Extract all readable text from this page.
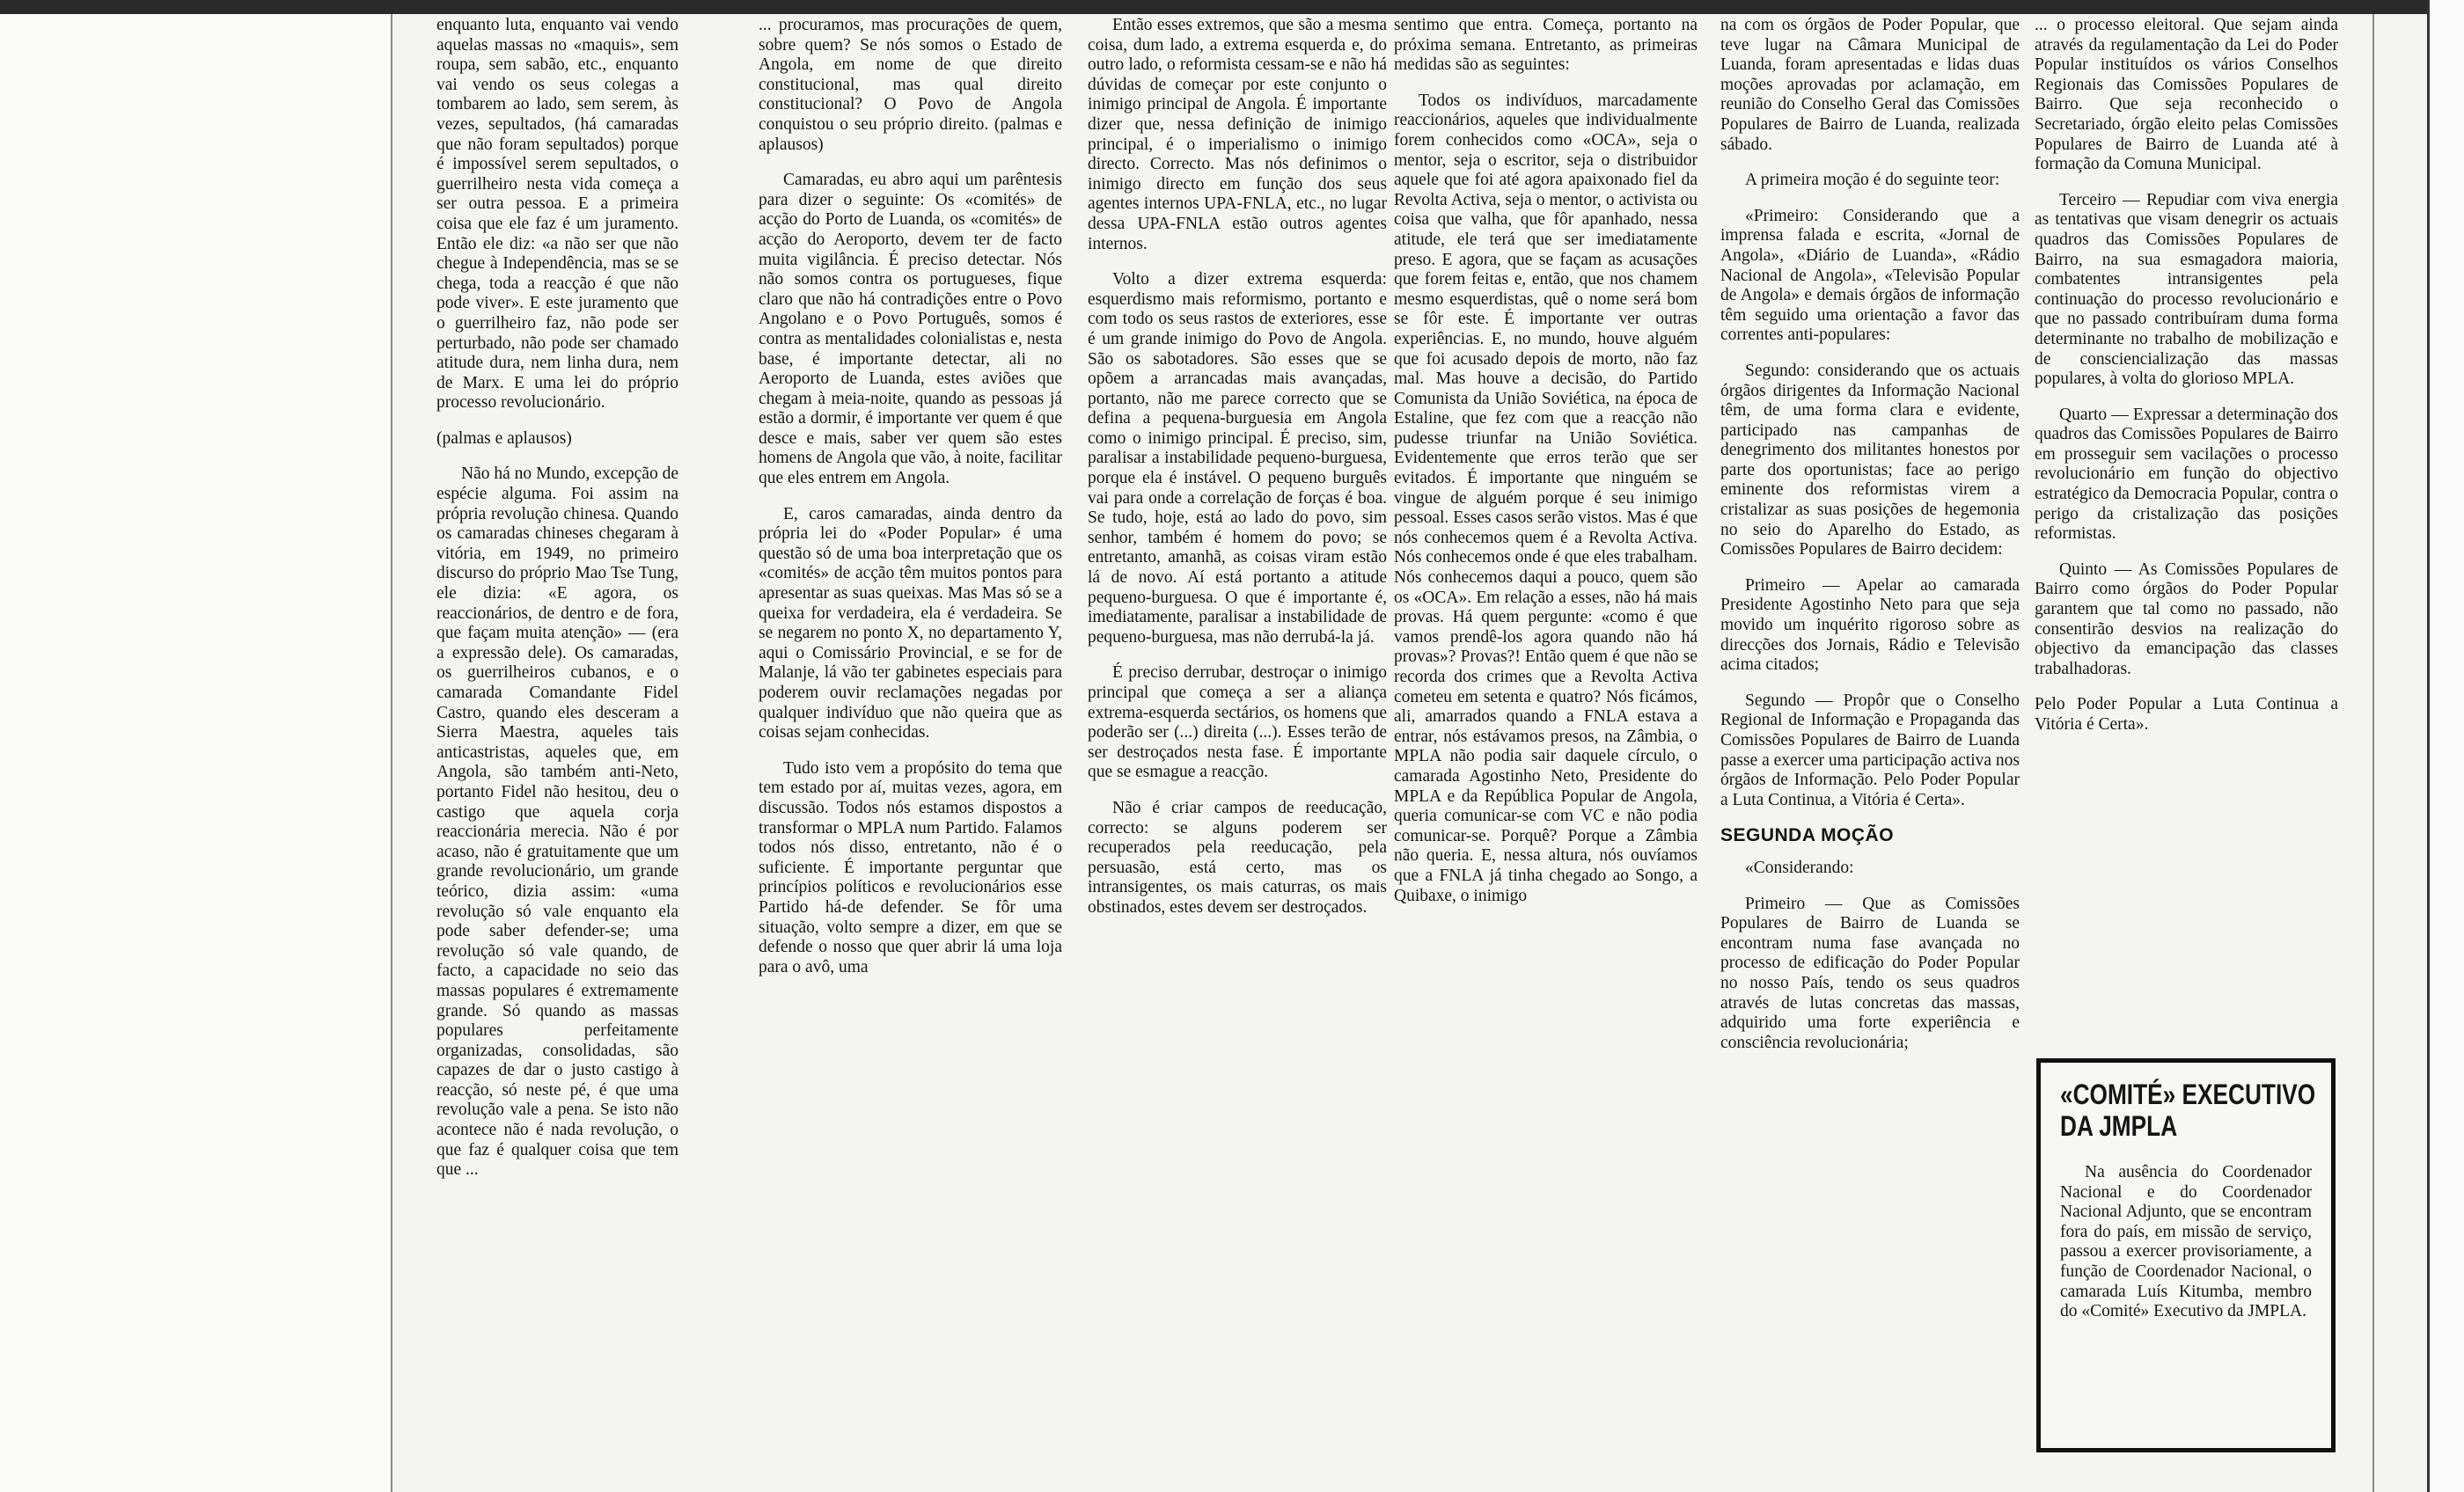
enquanto luta, enquanto vai vendo aquelas massas no «maquis», sem roupa, sem sabão, etc., enquanto vai vendo os seus colegas a tombarem ao lado, sem serem, às vezes, sepultados, (há camaradas que não foram sepultados) porque é impossível serem sepultados, o guerrilheiro nesta vida começa a ser outra pessoa. E a primeira coisa que ele faz é um juramento. Então ele diz: «a não ser que não chegue à Independência, mas se se chega, toda a reacção é que não pode viver». E este juramento que o guerrilheiro faz, não pode ser perturbado, não pode ser chamado atitude dura, nem linha dura, nem de Marx. E uma lei do próprio processo revolucionário.

(palmas e aplausos)

Não há no Mundo, excepção de espécie alguma. Foi assim na própria revolução chinesa. Quando os camaradas chineses chegaram à vitória, em 1949, no primeiro discurso do próprio Mao Tse Tung, ele dizia: «E agora, os reaccionários, de dentro e de fora, que façam muita atenção» — (era a expressão dele). Os camaradas, os guerrilheiros cubanos, e o camarada Comandante Fidel Castro, quando eles desceram a Sierra Maestra, aqueles tais anticastristas, aqueles que, em Angola, são também anti-Neto, portanto Fidel não hesitou, deu o castigo que aquela corja reaccionária merecia. Não é por acaso, não é gratuitamente que um grande revolucionário, um grande teórico, dizia assim: «uma revolução só vale enquanto ela pode saber defender-se; uma revolução só vale quando, de facto, a capacidade no seio das massas populares é extremamente grande. Só quando as massas populares perfeitamente organizadas, consolidadas, são capazes de dar o justo castigo à reacção, só neste pé, é que uma revolução vale a pena. Se isto não acontece não é nada revolução, o que faz é qualquer coisa que tem que ...

... procuramos, mas procurações de quem, sobre quem? Se nós somos o Estado de Angola, em nome de que direito constitucional, mas qual direito constitucional? O Povo de Angola conquistou o seu próprio direito. (palmas e aplausos)

Camaradas, eu abro aqui um parêntesis para dizer o seguinte: Os «comités» de acção do Porto de Luanda, os «comités» de acção do Aeroporto, devem ter de facto muita vigilância. É preciso detectar. Nós não somos contra os portugueses, fique claro que não há contradições entre o Povo Angolano e o Povo Português, somos é contra as mentalidades colonialistas e, nesta base, é importante detectar, ali no Aeroporto de Luanda, estes aviões que chegam à meia-noite, quando as pessoas já estão a dormir, é importante ver quem é que desce e mais, saber ver quem são estes homens de Angola que vão, à noite, facilitar que eles entrem em Angola.

E, caros camaradas, ainda dentro da própria lei do «Poder Popular» é uma questão só de uma boa interpretação que os «comités» de acção têm muitos pontos para apresentar as suas queixas. Mas Mas só se a queixa for verdadeira, ela é verdadeira. Se se negarem no ponto X, no departamento Y, aqui o Comissário Provincial, e se for de Malanje, lá vão ter gabinetes especiais para poderem ouvir reclamações negadas por qualquer indivíduo que não queira que as coisas sejam conhecidas.

Tudo isto vem a propósito do tema que tem estado por aí, muitas vezes, agora, em discussão. Todos nós estamos dispostos a transformar o MPLA num Partido. Falamos todos nós disso, entretanto, não é o suficiente. É importante perguntar que princípios políticos e revolucionários esse Partido há-de defender. Se fôr uma situação, volto sempre a dizer, em que se defende o nosso que quer abrir lá uma loja para o avô, uma

Então esses extremos, que são a mesma coisa, dum lado, a extrema esquerda e, do outro lado, o reformista cessam-se e não há dúvidas de começar por este conjunto o inimigo principal de Angola. É importante dizer que, nessa definição de inimigo principal, é o imperialismo o inimigo directo. Correcto. Mas nós definimos o inimigo directo em função dos seus agentes internos UPA-FNLA, etc., no lugar dessa UPA-FNLA estão outros agentes internos.

Volto a dizer extrema esquerda: esquerdismo mais reformismo, portanto e com todo os seus rastos de exteriores, esse é um grande inimigo do Povo de Angola. São os sabotadores. São esses que se opõem a arrancadas mais avançadas, portanto, não me parece correcto que se defina a pequena-burguesia em Angola como o inimigo principal. É preciso, sim, paralisar a instabilidade pequeno-burguesa, porque ela é instável. O pequeno burguês vai para onde a correlação de forças é boa. Se tudo, hoje, está ao lado do povo, sim senhor, também é homem do povo; se entretanto, amanhã, as coisas viram estão lá de novo. Aí está portanto a atitude pequeno-burguesa. O que é importante é, imediatamente, paralisar a instabilidade de pequeno-burguesa, mas não derrubá-la já.

É preciso derrubar, destroçar o inimigo principal que começa a ser a aliança extrema-esquerda sectários, os homens que poderão ser (...) direita (...). Esses terão de ser destroçados nesta fase. É importante que se esmague a reacção.

Não é criar campos de reeducação, correcto: se alguns poderem ser recuperados pela reeducação, pela persuasão, está certo, mas os intransigentes, os mais caturras, os mais obstinados, estes devem ser destroçados.

sentimo que entra. Começa, portanto na próxima semana. Entretanto, as primeiras medidas são as seguintes:

Todos os indivíduos, marcadamente reaccionários, aqueles que individualmente forem conhecidos como «OCA», seja o mentor, seja o escritor, seja o distribuidor aquele que foi até agora apaixonado fiel da Revolta Activa, seja o mentor, o activista ou coisa que valha, que fôr apanhado, nessa atitude, ele terá que ser imediatamente preso. E agora, que se façam as acusações que forem feitas e, então, que nos chamem mesmo esquerdistas, quê o nome será bom se fôr este. É importante ver outras experiências. E, no mundo, houve alguém que foi acusado depois de morto, não faz mal. Mas houve a decisão, do Partido Comunista da União Soviética, na época de Estaline, que fez com que a reacção não pudesse triunfar na União Soviética. Evidentemente que erros terão que ser evitados. É importante que ninguém se vingue de alguém porque é seu inimigo pessoal. Esses casos serão vistos. Mas é que nós conhecemos quem é a Revolta Activa. Nós conhecemos onde é que eles trabalham. Nós conhecemos daqui a pouco, quem são os «OCA». Em relação a esses, não há mais provas. Há quem pergunte: «como é que vamos prendê-los agora quando não há provas»? Provas?! Então quem é que não se recorda dos crimes que a Revolta Activa cometeu em setenta e quatro? Nós ficámos, ali, amarrados quando a FNLA estava a entrar, nós estávamos presos, na Zâmbia, o MPLA não podia sair daquele círculo, o camarada Agostinho Neto, Presidente do MPLA e da República Popular de Angola, queria comunicar-se com VC e não podia comunicar-se. Porquê? Porque a Zâmbia não queria. E, nessa altura, nós ouvíamos que a FNLA já tinha chegado ao Songo, a Quibaxe, o inimigo

na com os órgãos de Poder Popular, que teve lugar na Câmara Municipal de Luanda, foram apresentadas e lidas duas moções aprovadas por aclamação, em reunião do Conselho Geral das Comissões Populares de Bairro de Luanda, realizada sábado.

A primeira moção é do seguinte teor:

«Primeiro: Considerando que a imprensa falada e escrita, «Jornal de Angola», «Diário de Luanda», «Rádio Nacional de Angola», «Televisão Popular de Angola» e demais órgãos de informação têm seguido uma orientação a favor das correntes anti-populares:

Segundo: considerando que os actuais órgãos dirigentes da Informação Nacional têm, de uma forma clara e evidente, participado nas campanhas de denegrimento dos militantes honestos por parte dos oportunistas; face ao perigo eminente dos reformistas virem a cristalizar as suas posições de hegemonia no seio do Aparelho do Estado, as Comissões Populares de Bairro decidem:

Primeiro — Apelar ao camarada Presidente Agostinho Neto para que seja movido um inquérito rigoroso sobre as direcções dos Jornais, Rádio e Televisão acima citados;

Segundo — Propôr que o Conselho Regional de Informação e Propaganda das Comissões Populares de Bairro de Luanda passe a exercer uma participação activa nos órgãos de Informação. Pelo Poder Popular a Luta Continua, a Vitória é Certa».

SEGUNDA MOÇÃO

«Considerando:

Primeiro — Que as Comissões Populares de Bairro de Luanda se encontram numa fase avançada no processo de edificação do Poder Popular no nosso País, tendo os seus quadros através de lutas concretas das massas, adquirido uma forte experiência e consciência revolucionária;

... o processo eleitoral. Que sejam ainda através da regulamentação da Lei do Poder Popular instituídos os vários Conselhos Regionais das Comissões Populares de Bairro. Que seja reconhecido o Secretariado, órgão eleito pelas Comissões Populares de Bairro de Luanda até à formação da Comuna Municipal.

Terceiro — Repudiar com viva energia as tentativas que visam denegrir os actuais quadros das Comissões Populares de Bairro, na sua esmagadora maioria, combatentes intransigentes pela continuação do processo revolucionário e que no passado contribuíram duma forma determinante no trabalho de mobilização e de consciencialização das massas populares, à volta do glorioso MPLA.

Quarto — Expressar a determinação dos quadros das Comissões Populares de Bairro em prosseguir sem vacilações o processo revolucionário em função do objectivo estratégico da Democracia Popular, contra o perigo da cristalização das posições reformistas.

Quinto — As Comissões Populares de Bairro como órgãos do Poder Popular garantem que tal como no passado, não consentirão desvios na realização do objectivo da emancipação das classes trabalhadoras.

Pelo Poder Popular a Luta Continua a Vitória é Certa».

«COMITÉ» EXECUTIVO DA JMPLA

Na ausência do Coordenador Nacional e do Coordenador Nacional Adjunto, que se encontram fora do país, em missão de serviço, passou a exercer provisoriamente, a função de Coordenador Nacional, o camarada Luís Kitumba, membro do «Comité» Executivo da JMPLA.
